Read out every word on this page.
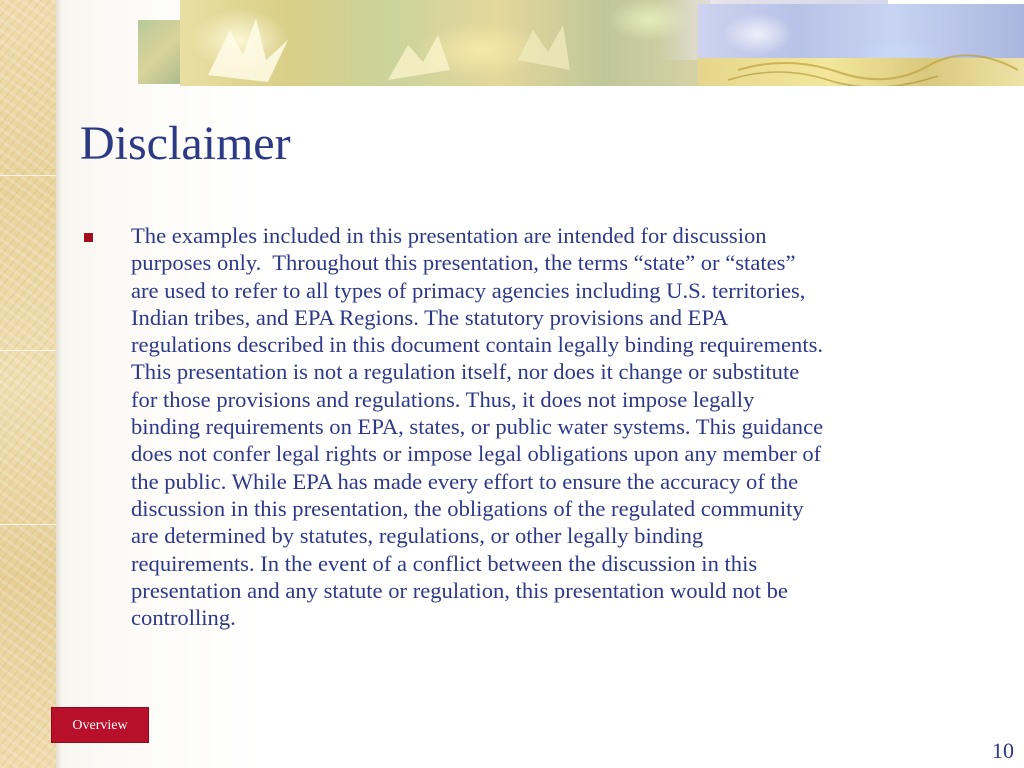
Disclaimer

The examples included in this presentation are intended for discussion
purposes only.  Throughout this presentation, the terms “state” or “states”
are used to refer to all types of primacy agencies including U.S. territories,
Indian tribes, and EPA Regions. The statutory provisions and EPA
regulations described in this document contain legally binding requirements.
This presentation is not a regulation itself, nor does it change or substitute
for those provisions and regulations. Thus, it does not impose legally
binding requirements on EPA, states, or public water systems. This guidance
does not confer legal rights or impose legal obligations upon any member of
the public. While EPA has made every effort to ensure the accuracy of the
discussion in this presentation, the obligations of the regulated community
are determined by statutes, regulations, or other legally binding
requirements. In the event of a conflict between the discussion in this
presentation and any statute or regulation, this presentation would not be
controlling.

Overview
10
